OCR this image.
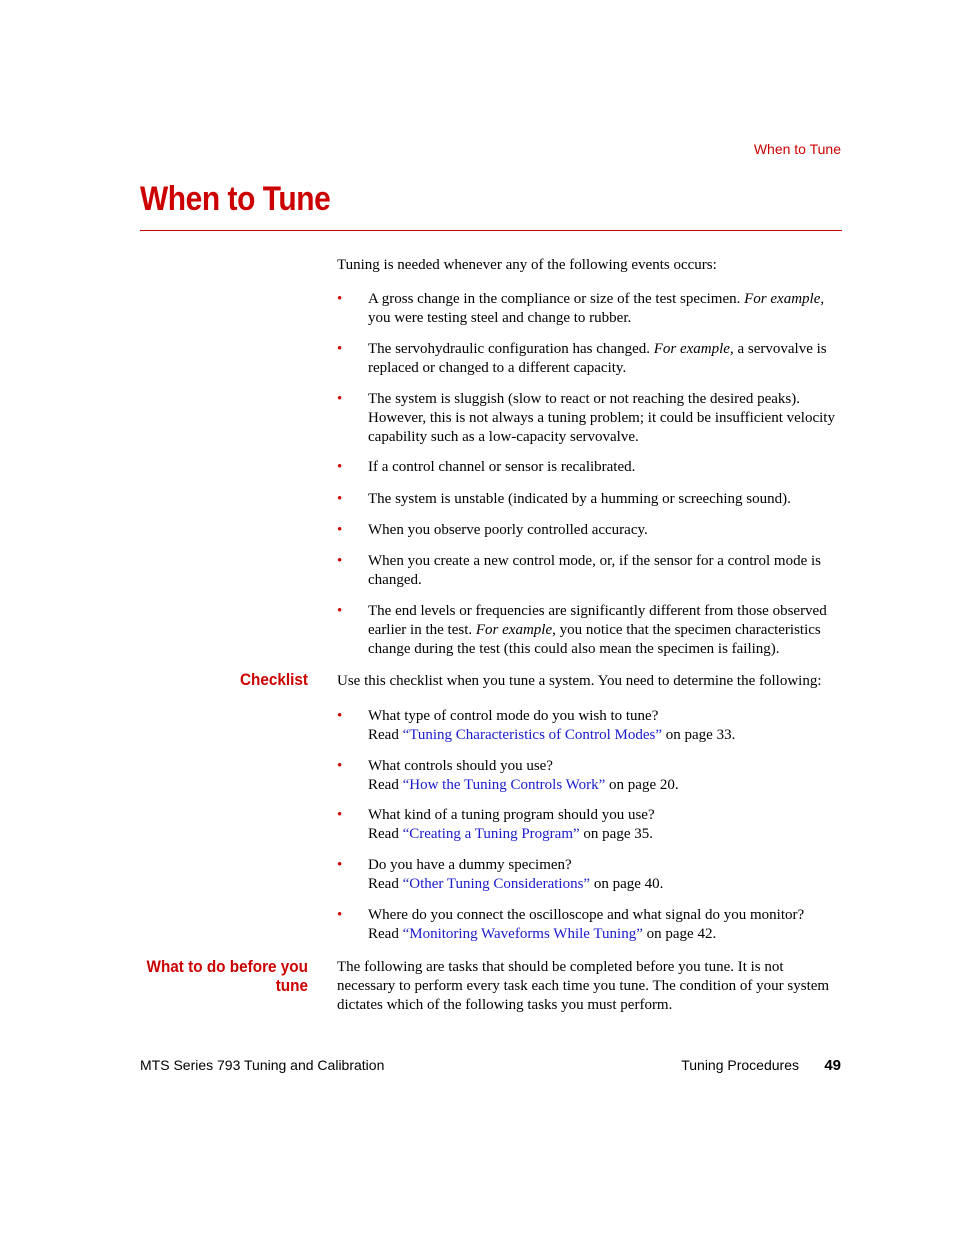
When to Tune
When to Tune

Tuning is needed whenever any of the following events occurs:

• A gross change in the compliance or size of the test specimen. For example, you were testing steel and change to rubber.
• The servohydraulic configuration has changed. For example, a servovalve is replaced or changed to a different capacity.
• The system is sluggish (slow to react or not reaching the desired peaks). However, this is not always a tuning problem; it could be insufficient velocity capability such as a low-capacity servovalve.
• If a control channel or sensor is recalibrated.
• The system is unstable (indicated by a humming or screeching sound).
• When you observe poorly controlled accuracy.
• When you create a new control mode, or, if the sensor for a control mode is changed.
• The end levels or frequencies are significantly different from those observed earlier in the test. For example, you notice that the specimen characteristics change during the test (this could also mean the specimen is failing).
Checklist Use this checklist when you tune a system. You need to determine the following:

• What type of control mode do you wish to tune?
Read “Tuning Characteristics of Control Modes” on page 33.
• What controls should you use?
Read “How the Tuning Controls Work” on page 20.
• What kind of a tuning program should you use?
Read “Creating a Tuning Program” on page 35.
• Do you have a dummy specimen?
Read “Other Tuning Considerations” on page 40.
• Where do you connect the oscilloscope and what signal do you monitor?
Read “Monitoring Waveforms While Tuning” on page 42.
What to do before you
tune

The following are tasks that should be completed before you tune. It is not necessary to perform every task each time you tune. The condition of your system dictates which of the following tasks you must perform.

MTS Series 793 Tuning and Calibration	Tuning Procedures 49
